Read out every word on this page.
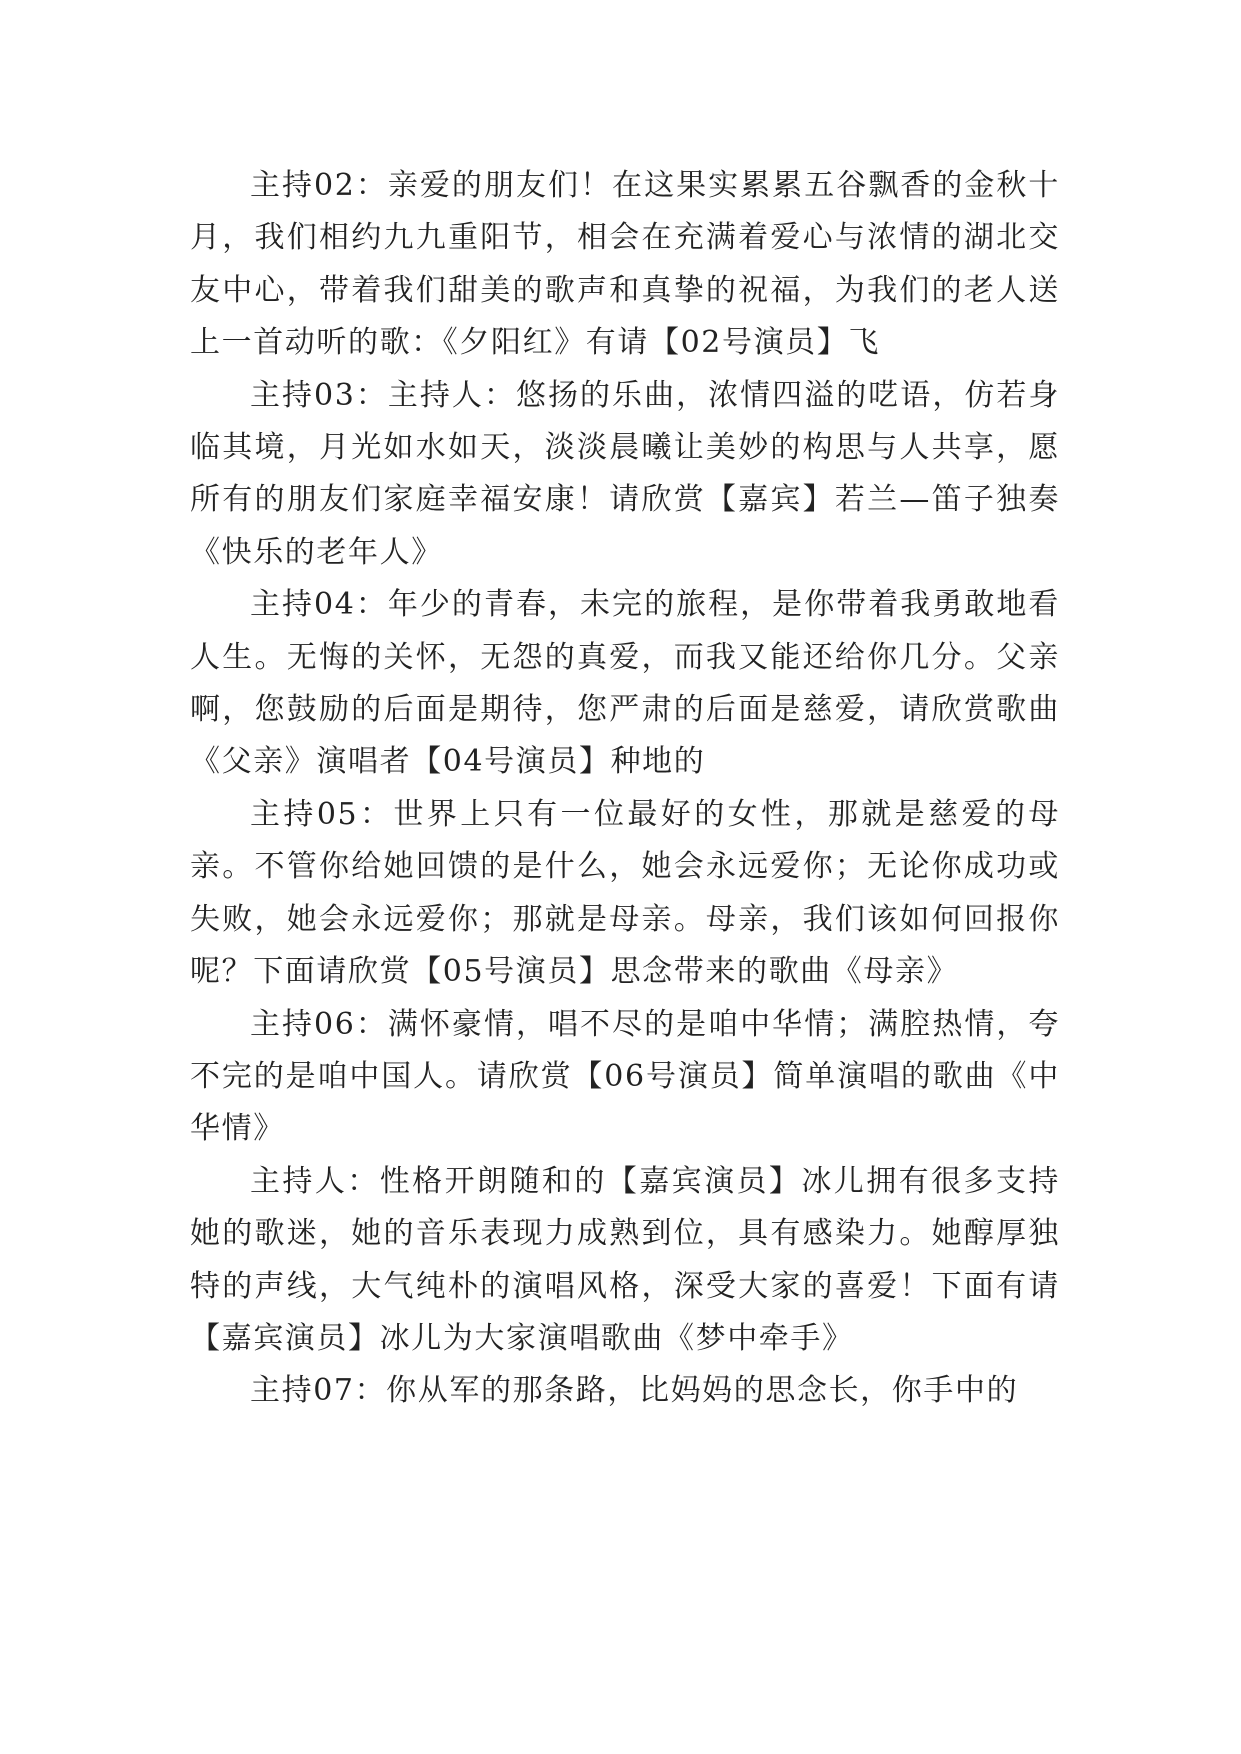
主持02：亲爱的朋友们！在这果实累累五谷飘香的金秋十月，我们相约九九重阳节，相会在充满着爱心与浓情的湖北交友中心，带着我们甜美的歌声和真挚的祝福，为我们的老人送上一首动听的歌：《夕阳红》有请【02号演员】飞

主持03：主持人：悠扬的乐曲，浓情四溢的呓语，仿若身临其境，月光如水如天，淡淡晨曦让美妙的构思与人共享，愿所有的朋友们家庭幸福安康！请欣赏【嘉宾】若兰—笛子独奏《快乐的老年人》

主持04：年少的青春，未完的旅程，是你带着我勇敢地看人生。无悔的关怀，无怨的真爱，而我又能还给你几分。父亲啊，您鼓励的后面是期待，您严肃的后面是慈爱，请欣赏歌曲《父亲》演唱者【04号演员】种地的

主持05：世界上只有一位最好的女性，那就是慈爱的母亲。不管你给她回馈的是什么，她会永远爱你；无论你成功或失败，她会永远爱你；那就是母亲。母亲，我们该如何回报你呢？下面请欣赏【05号演员】思念带来的歌曲《母亲》

主持06：满怀豪情，唱不尽的是咱中华情；满腔热情，夸不完的是咱中国人。请欣赏【06号演员】简单演唱的歌曲《中华情》

主持人：性格开朗随和的【嘉宾演员】冰儿拥有很多支持她的歌迷，她的音乐表现力成熟到位，具有感染力。她醇厚独特的声线，大气纯朴的演唱风格，深受大家的喜爱！下面有请【嘉宾演员】冰儿为大家演唱歌曲《梦中牵手》

主持07：你从军的那条路，比妈妈的思念长，你手中的
